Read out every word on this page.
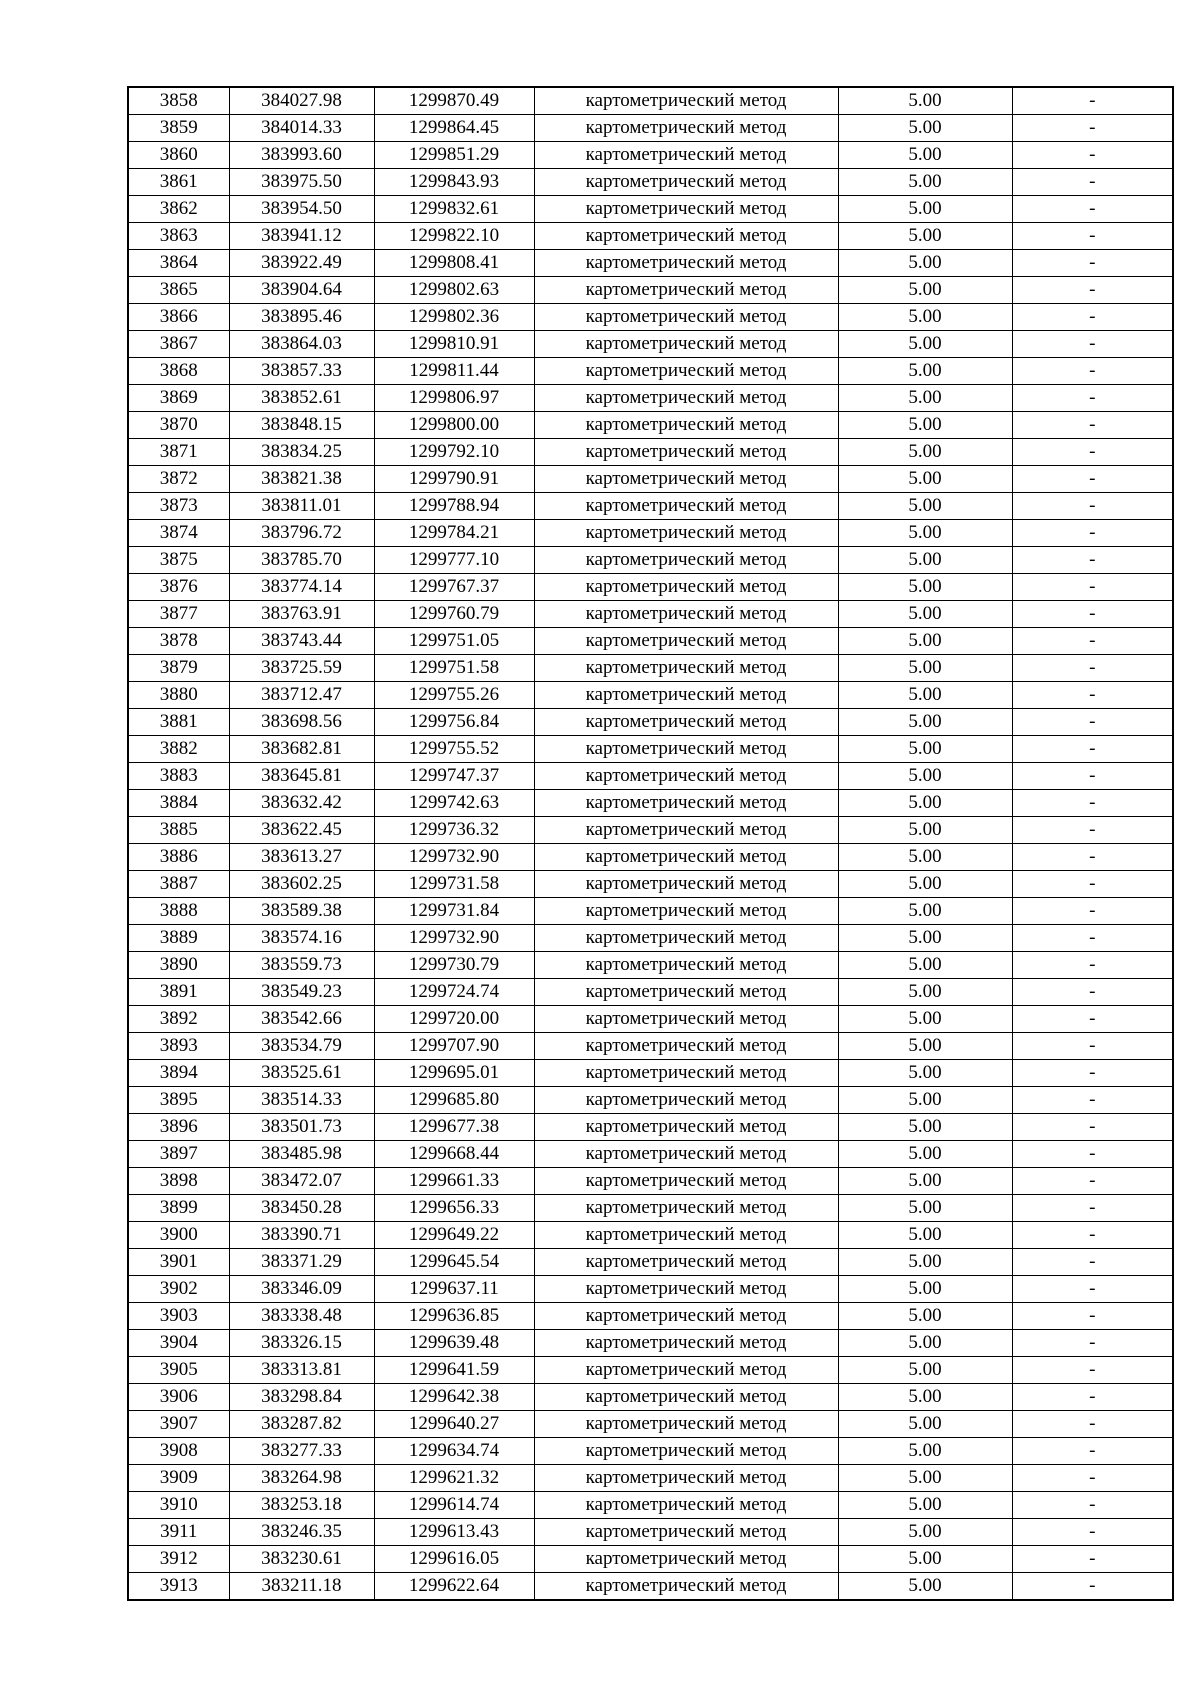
3858	384027.98	1299870.49	картометрический метод	5.00	-
3859	384014.33	1299864.45	картометрический метод	5.00	-
3860	383993.60	1299851.29	картометрический метод	5.00	-
3861	383975.50	1299843.93	картометрический метод	5.00	-
3862	383954.50	1299832.61	картометрический метод	5.00	-
3863	383941.12	1299822.10	картометрический метод	5.00	-
3864	383922.49	1299808.41	картометрический метод	5.00	-
3865	383904.64	1299802.63	картометрический метод	5.00	-
3866	383895.46	1299802.36	картометрический метод	5.00	-
3867	383864.03	1299810.91	картометрический метод	5.00	-
3868	383857.33	1299811.44	картометрический метод	5.00	-
3869	383852.61	1299806.97	картометрический метод	5.00	-
3870	383848.15	1299800.00	картометрический метод	5.00	-
3871	383834.25	1299792.10	картометрический метод	5.00	-
3872	383821.38	1299790.91	картометрический метод	5.00	-
3873	383811.01	1299788.94	картометрический метод	5.00	-
3874	383796.72	1299784.21	картометрический метод	5.00	-
3875	383785.70	1299777.10	картометрический метод	5.00	-
3876	383774.14	1299767.37	картометрический метод	5.00	-
3877	383763.91	1299760.79	картометрический метод	5.00	-
3878	383743.44	1299751.05	картометрический метод	5.00	-
3879	383725.59	1299751.58	картометрический метод	5.00	-
3880	383712.47	1299755.26	картометрический метод	5.00	-
3881	383698.56	1299756.84	картометрический метод	5.00	-
3882	383682.81	1299755.52	картометрический метод	5.00	-
3883	383645.81	1299747.37	картометрический метод	5.00	-
3884	383632.42	1299742.63	картометрический метод	5.00	-
3885	383622.45	1299736.32	картометрический метод	5.00	-
3886	383613.27	1299732.90	картометрический метод	5.00	-
3887	383602.25	1299731.58	картометрический метод	5.00	-
3888	383589.38	1299731.84	картометрический метод	5.00	-
3889	383574.16	1299732.90	картометрический метод	5.00	-
3890	383559.73	1299730.79	картометрический метод	5.00	-
3891	383549.23	1299724.74	картометрический метод	5.00	-
3892	383542.66	1299720.00	картометрический метод	5.00	-
3893	383534.79	1299707.90	картометрический метод	5.00	-
3894	383525.61	1299695.01	картометрический метод	5.00	-
3895	383514.33	1299685.80	картометрический метод	5.00	-
3896	383501.73	1299677.38	картометрический метод	5.00	-
3897	383485.98	1299668.44	картометрический метод	5.00	-
3898	383472.07	1299661.33	картометрический метод	5.00	-
3899	383450.28	1299656.33	картометрический метод	5.00	-
3900	383390.71	1299649.22	картометрический метод	5.00	-
3901	383371.29	1299645.54	картометрический метод	5.00	-
3902	383346.09	1299637.11	картометрический метод	5.00	-
3903	383338.48	1299636.85	картометрический метод	5.00	-
3904	383326.15	1299639.48	картометрический метод	5.00	-
3905	383313.81	1299641.59	картометрический метод	5.00	-
3906	383298.84	1299642.38	картометрический метод	5.00	-
3907	383287.82	1299640.27	картометрический метод	5.00	-
3908	383277.33	1299634.74	картометрический метод	5.00	-
3909	383264.98	1299621.32	картометрический метод	5.00	-
3910	383253.18	1299614.74	картометрический метод	5.00	-
3911	383246.35	1299613.43	картометрический метод	5.00	-
3912	383230.61	1299616.05	картометрический метод	5.00	-
3913	383211.18	1299622.64	картометрический метод	5.00	-
